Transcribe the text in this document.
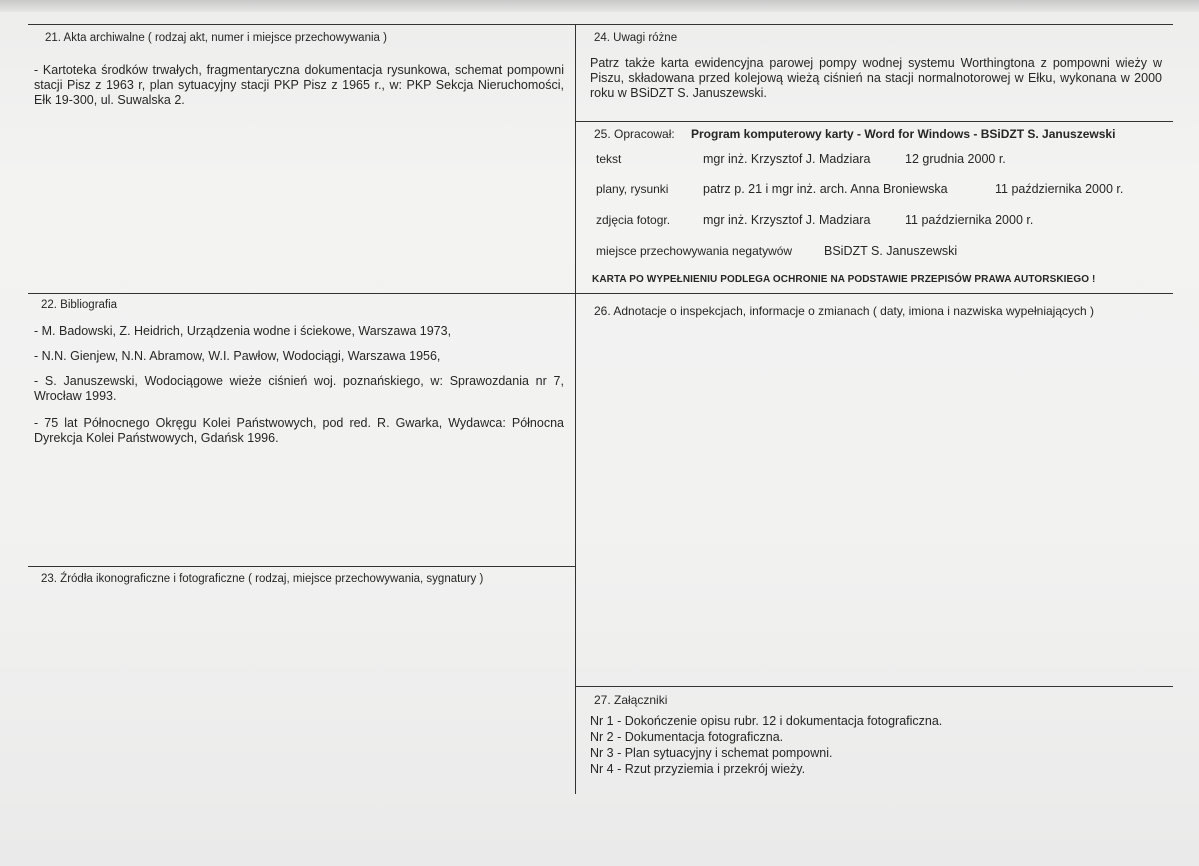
21. Akta archiwalne ( rodzaj akt, numer i miejsce przechowywania )
- Kartoteka środków trwałych, fragmentaryczna dokumentacja rysunkowa, schemat pompowni stacji Pisz z 1963 r, plan sytuacyjny stacji PKP Pisz z 1965 r., w: PKP Sekcja Nieruchomości, Ełk 19-300, ul. Suwalska 2.
22. Bibliografia
- M. Badowski, Z. Heidrich, Urządzenia wodne i ściekowe, Warszawa 1973,
- N.N. Gienjew, N.N. Abramow, W.I. Pawłow, Wodociągi, Warszawa 1956,
- S. Januszewski, Wodociągowe wieże ciśnień woj. poznańskiego, w: Sprawozdania nr 7, Wrocław 1993.
- 75 lat Północnego Okręgu Kolei Państwowych, pod red. R. Gwarka, Wydawca: Północna Dyrekcja Kolei Państwowych, Gdańsk 1996.
23. Źródła ikonograficzne i fotograficzne ( rodzaj, miejsce przechowywania, sygnatury )
24. Uwagi różne
Patrz także karta ewidencyjna parowej pompy wodnej systemu Worthingtona z pompowni wieży w Piszu, składowana przed kolejową wieżą ciśnień na stacji normalnotorowej w Ełku, wykonana w 2000 roku w BSiDZT S. Januszewski.
25. Opracował: Program komputerowy karty - Word for Windows - BSiDZT S. Januszewski
tekst	mgr inż. Krzysztof J. Madziara	12 grudnia 2000 r.
plany, rysunki	patrz p. 21 i mgr inż. arch. Anna Broniewska	11 października 2000 r.
zdjęcia fotogr.	mgr inż. Krzysztof J. Madziara	11 października 2000 r.
miejsce przechowywania negatywów	BSiDZT S. Januszewski
KARTA PO WYPEŁNIENIU PODLEGA OCHRONIE NA PODSTAWIE PRZEPISÓW PRAWA AUTORSKIEGO !
26. Adnotacje o inspekcjach, informacje o zmianach ( daty, imiona i nazwiska wypełniających )
27. Załączniki
Nr 1 - Dokończenie opisu rubr. 12 i dokumentacja fotograficzna.
Nr 2 - Dokumentacja fotograficzna.
Nr 3 - Plan sytuacyjny i schemat pompowni.
Nr 4 - Rzut przyziemia i przekrój wieży.
